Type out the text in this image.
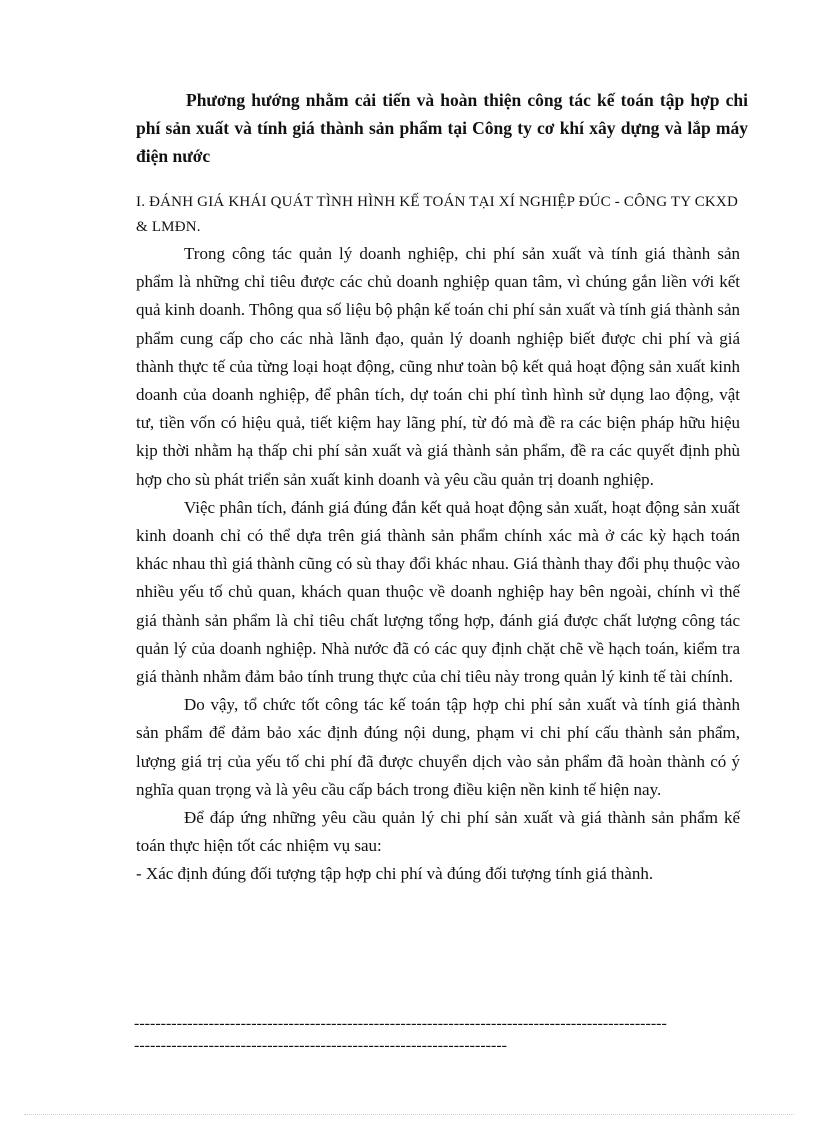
Phương hướng nhằm cải tiến và hoàn thiện công tác kế toán tập hợp chi phí sản xuất và tính giá thành sản phẩm tại Công ty cơ khí xây dựng và lắp máy điện nước

I. ĐÁNH GIÁ KHÁI QUÁT TÌNH HÌNH KẾ TOÁN TẠI XÍ NGHIỆP ĐÚC - CÔNG TY CKXD & LMĐN.

Trong công tác quản lý doanh nghiệp, chi phí sản xuất và tính giá thành sản phẩm là những chỉ tiêu được các chủ doanh nghiệp quan tâm, vì chúng gắn liền với kết quả kinh doanh. Thông qua số liệu bộ phận kế toán chi phí sản xuất và tính giá thành sản phẩm cung cấp cho các nhà lãnh đạo, quản lý doanh nghiệp biết được chi phí và giá thành thực tế của từng loại hoạt động, cũng như toàn bộ kết quả hoạt động sản xuất kinh doanh của doanh nghiệp, để phân tích, dự toán chi phí tình hình sử dụng lao động, vật tư, tiền vốn có hiệu quả, tiết kiệm hay lãng phí, từ đó mà đề ra các biện pháp hữu hiệu kịp thời nhằm hạ thấp chi phí sản xuất và giá thành sản phẩm, đề ra các quyết định phù hợp cho sù phát triển sản xuất kinh doanh và yêu cầu quản trị doanh nghiệp.

Việc phân tích, đánh giá đúng đắn kết quả hoạt động sản xuất, hoạt động sản xuất kinh doanh chỉ có thể dựa trên giá thành sản phẩm chính xác mà ở các kỳ hạch toán khác nhau thì giá thành cũng có sù thay đổi khác nhau. Giá thành thay đổi phụ thuộc vào nhiều yếu tố chủ quan, khách quan thuộc về doanh nghiệp hay bên ngoài, chính vì thế giá thành sản phẩm là chỉ tiêu chất lượng tổng hợp, đánh giá được chất lượng công tác quản lý của doanh nghiệp. Nhà nước đã có các quy định chặt chẽ về hạch toán, kiểm tra giá thành nhằm đảm bảo tính trung thực của chỉ tiêu này trong quản lý kinh tế tài chính.

Do vậy, tổ chức tốt công tác kế toán tập hợp chi phí sản xuất và tính giá thành sản phẩm để đảm bảo xác định đúng nội dung, phạm vi chi phí cấu thành sản phẩm, lượng giá trị của yếu tố chi phí đã được chuyển dịch vào sản phẩm đã hoàn thành có ý nghĩa quan trọng và là yêu cầu cấp bách trong điều kiện nền kinh tế hiện nay.

Để đáp ứng những yêu cầu quản lý chi phí sản xuất và giá thành sản phẩm kế toán thực hiện tốt các nhiệm vụ sau:

- Xác định đúng đối tượng tập hợp chi phí và đúng đối tượng tính giá thành.

----------------------------------------------------------------------------------------------------
----------------------------------------------------------------------
